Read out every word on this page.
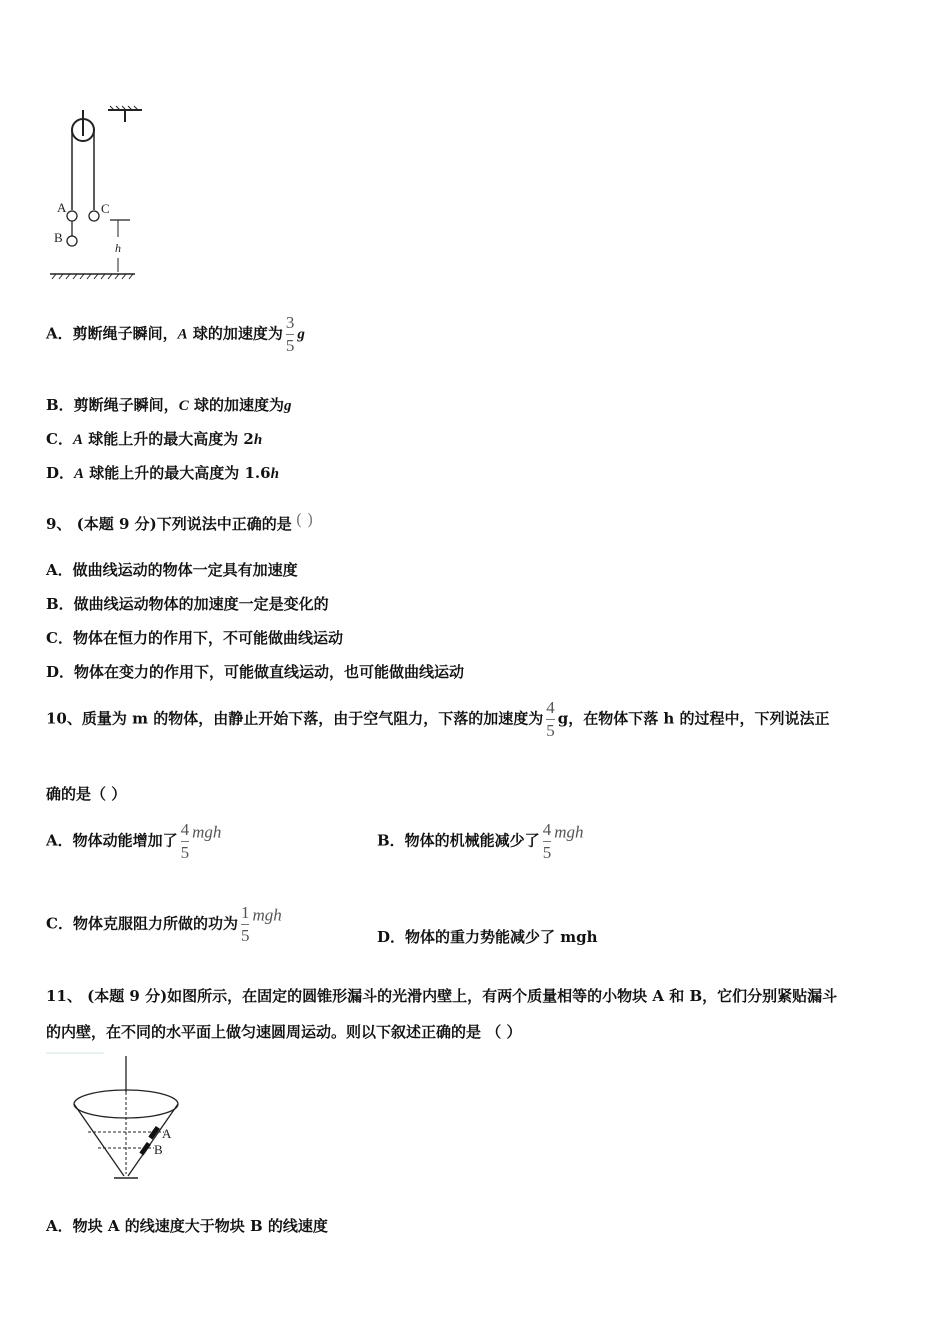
A
B
C
h
A．剪断绳子瞬间，A 球的加速度为 $\frac{3}{5}$ g
B．剪断绳子瞬间，C 球的加速度为g
C．A 球能上升的最大高度为 2h
D．A 球能上升的最大高度为 1.6h
9、 (本题 9 分)下列说法中正确的是 ( )
A．做曲线运动的物体一定具有加速度
B．做曲线运动物体的加速度一定是变化的
C．物体在恒力的作用下，不可能做曲线运动
D．物体在变力的作用下，可能做直线运动，也可能做曲线运动
10、质量为 m 的物体，由静止开始下落，由于空气阻力，下落的加速度为 $\frac{4}{5}$ g，在物体下落 h 的过程中，下列说法正
确的是（ ）
A．物体动能增加了 $\frac{4}{5}$ mgh	B．物体的机械能减少了 $\frac{4}{5}$ mgh
C．物体克服阻力所做的功为 $\frac{1}{5}$ mgh
D．物体的重力势能减少了 mgh
11、 (本题 9 分)如图所示，在固定的圆锥形漏斗的光滑内壁上，有两个质量相等的小物块 A 和 B，它们分别紧贴漏斗
的内壁，在不同的水平面上做匀速圆周运动。则以下叙述正确的是 （ ）
A
B
A．物块 A 的线速度大于物块 B 的线速度
